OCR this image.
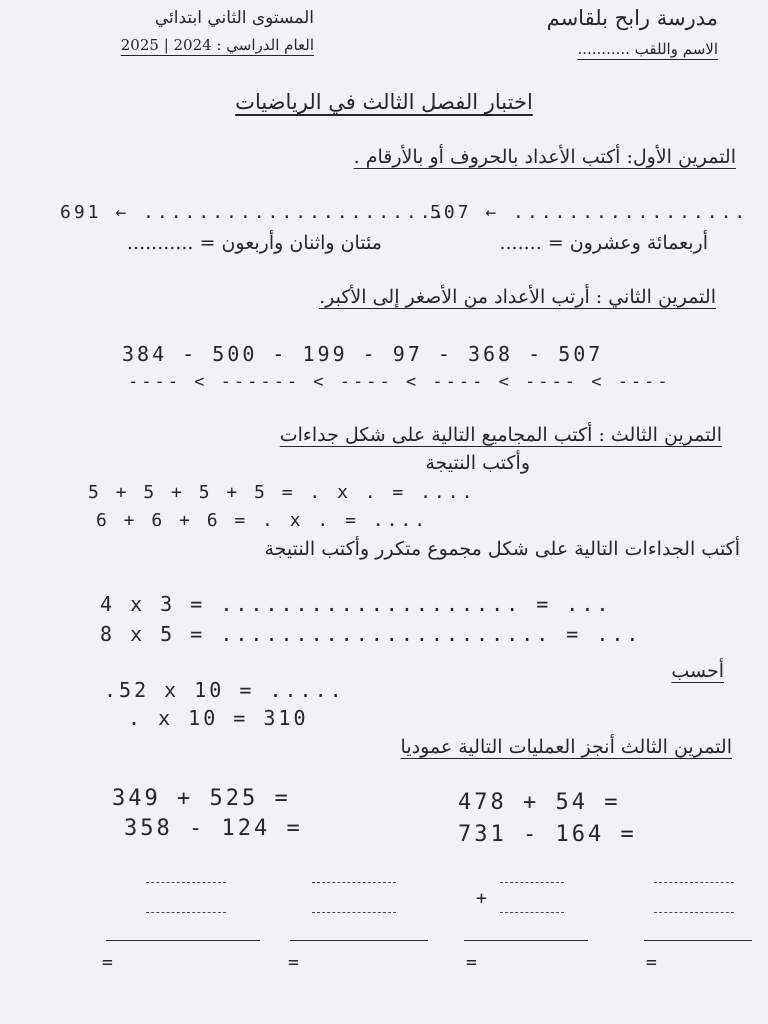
مدرسة رابح بلقاسم
الاسم واللقب ...........
المستوى الثاني ابتدائي
العام الدراسي : 2024 | 2025
اختبار الفصل الثالث في الرياضيات
التمرين الأول: أكتب الأعداد بالحروف أو بالأرقام .
507 ← .................
691 ← ......................
أربعمائة وعشرون = .......
مئتان واثنان وأربعون = ...........
التمرين الثاني : أرتب الأعداد من الأصغر إلى الأكبر.
384 - 500 - 199 - 97 - 368 - 507
---- < ------ < ---- < ---- < ---- < ----
التمرين الثالث : أكتب المجاميع التالية على شكل جداءات
وأكتب النتيجة
5 + 5 + 5 + 5 = . x . = ....
6 + 6 + 6 = . x . = ....
أكتب الجداءات التالية على شكل مجموع متكرر وأكتب النتيجة
4 x 3 = .................... = ...
8 x 5 = ...................... = ...
أحسب
.52 x 10 = .....
. x 10 = 310
التمرين الثالث أنجز العمليات التالية عموديا
349 + 525 =
358 - 124 =
478 + 54 =
731 - 164 =
=	=
+
=	=
